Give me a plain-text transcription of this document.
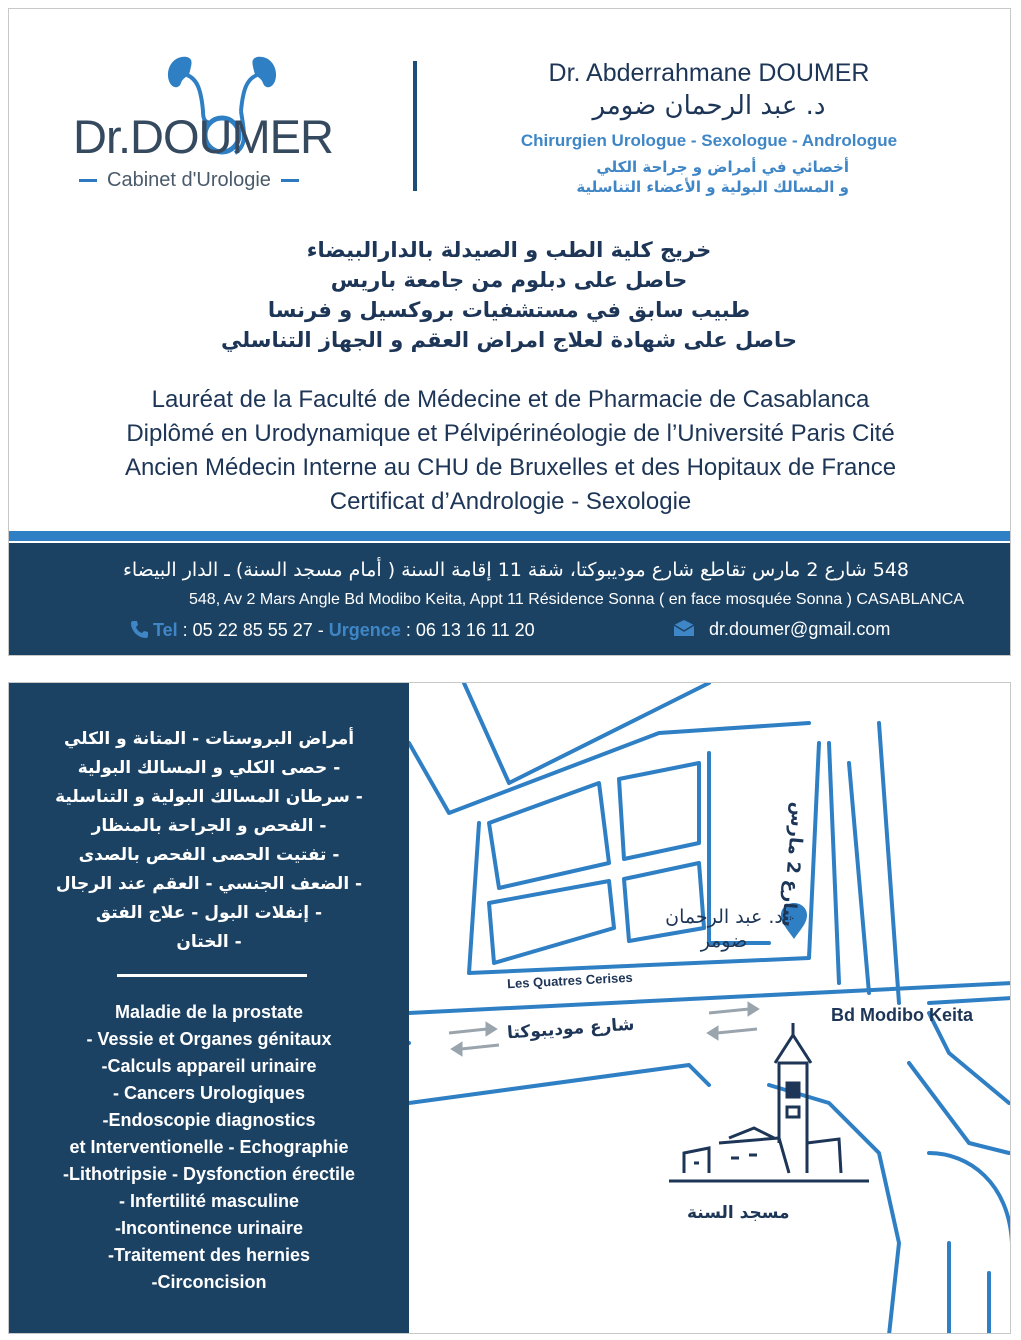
Dr.DOUMER
Cabinet d'Urologie
Dr. Abderrahmane DOUMER
د. عبد الرحمان ضومر
Chirurgien Urologue - Sexologue - Andrologue
أخصائي في أمراض و جراحة الكلي
و المسالك البولية و الأعضاء التناسلية
خريج كلية الطب و الصيدلة بالدارالبيضاء
حاصل على دبلوم من جامعة باريس
طبيب سابق في مستشفيات بروكسيل و فرنسا
حاصل على شهادة لعلاج امراض العقم و الجهاز التناسلي
Lauréat de la Faculté de Médecine et de Pharmacie de Casablanca
Diplômé en Urodynamique et Pélvipérinéologie de l’Université Paris Cité
Ancien Médecin Interne au CHU de Bruxelles et des Hopitaux de France
Certificat d’Andrologie - Sexologie
548 شارع 2 مارس تقاطع شارع موديبوكتا، شقة 11 إقامة السنة ( أمام مسجد السنة) ـ الدار البيضاء
548, Av 2 Mars Angle Bd Modibo Keita, Appt 11 Résidence Sonna ( en face mosquée Sonna ) CASABLANCA
Tel : 05 22 85 55 27 - Urgence : 06 13 16 11 20	dr.doumer@gmail.com
أمراض البروستات - المتانة و الكلي
- حصى الكلي و المسالك البولية
- سرطان المسالك البولية و التناسلية
- الفحص و الجراحة بالمنظار
- تفتيت الحصى الفحص بالصدى
- الضعف الجنسي - العقم عند الرجال
- إنفلات البول - علاج الفتق
- الختان
Maladie de la prostate
- Vessie et Organes génitaux
-Calculs appareil urinaire
- Cancers Urologiques
-Endoscopie diagnostics
et Interventionelle - Echographie
-Lithotripsie - Dysfonction érectile
- Infertilité masculine
-Incontinence urinaire
-Traitement des hernies
-Circoncision
شارع 2 مارس
Les Quatres Cerises
شارع موديبوكتا	Bd Modibo Keita
د. عبد الرحمان
ضومر
مسجد السنة
